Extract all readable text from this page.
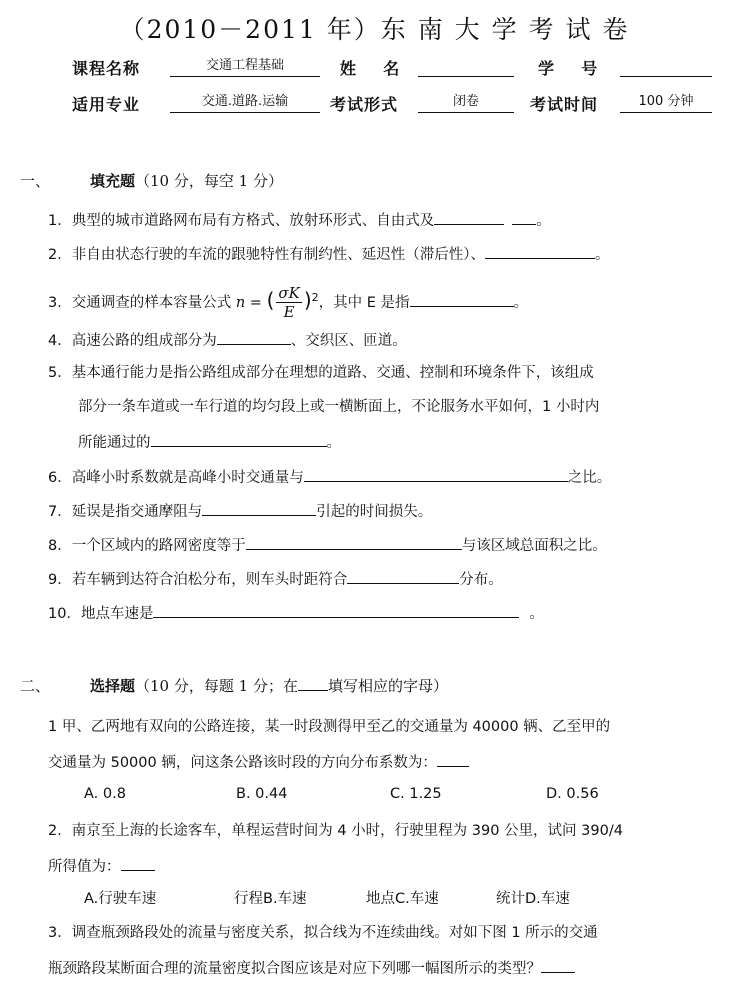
（2010－2011 年）东 南 大 学 考 试 卷
课程名称	交通工程基础	姓    名	学    号
适用专业	交通.道路.运输	考试形式	闭卷	考试时间	100 分钟
一、	填充题（10 分，每空 1 分）
1．典型的城市道路网布局有方格式、放射环形式、自由式及	。
2．非自由状态行驶的车流的跟驰特性有制约性、延迟性（滞后性）、	。
3．交通调查的样本容量公式 n = ( $\frac{\sigma K}{E} )^2$，其中 E 是指	。
4．高速公路的组成部分为	、交织区、匝道。
5．基本通行能力是指公路组成部分在理想的道路、交通、控制和环境条件下，该组成
部分一条车道或一车行道的均匀段上或一横断面上，不论服务水平如何，1 小时内
所能通过的	。
6．高峰小时系数就是高峰小时交通量与	之比。
7．延误是指交通摩阻与	引起的时间损失。
8．一个区域内的路网密度等于	与该区域总面积之比。
9．若车辆到达符合泊松分布，则车头时距符合	分布。
10．地点车速是	。
二、	选择题（10 分，每题 1 分；在 填写相应的字母）
1 甲、乙两地有双向的公路连接，某一时段测得甲至乙的交通量为 40000 辆、乙至甲的
交通量为 50000 辆，问这条公路该时段的方向分布系数为：
A. 0.8	B. 0.44	C. 1.25	D. 0.56
2．南京至上海的长途客车，单程运营时间为 4 小时，行驶里程为 390 公里，试问 390/4
所得值为：
A.行驶车速	行程B.车速	地点C.车速	统计D.车速
3．调查瓶颈路段处的流量与密度关系，拟合线为不连续曲线。对如下图 1 所示的交通
瓶颈路段某断面合理的流量密度拟合图应该是对应下列哪一幅图所示的类型？
